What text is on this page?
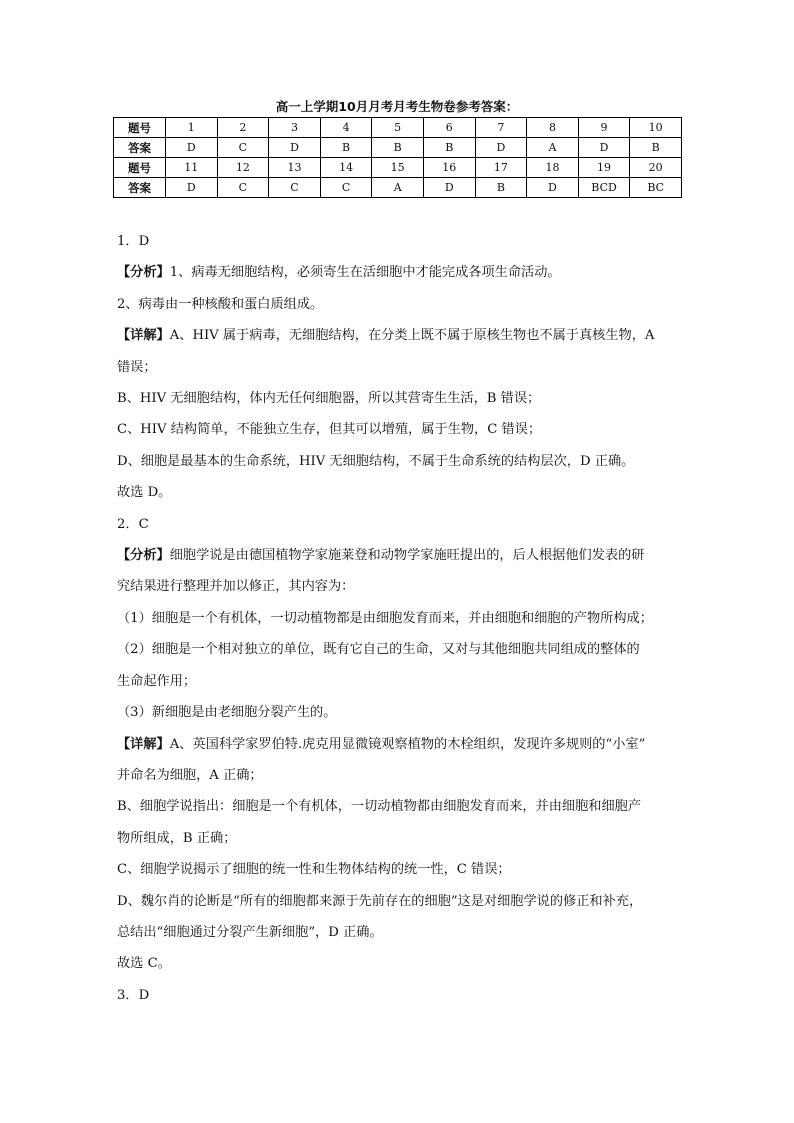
高一上学期10月月考月考生物卷参考答案：
题号	1	2	3	4	5	6	7	8	9	10
答案	D	C	D	B	B	B	D	A	D	B
题号	11	12	13	14	15	16	17	18	19	20
答案	D	C	C	C	A	D	B	D	BCD	BC

1．D

【分析】1、病毒无细胞结构，必须寄生在活细胞中才能完成各项生命活动。

2、病毒由一种核酸和蛋白质组成。

【详解】A、HIV 属于病毒，无细胞结构，在分类上既不属于原核生物也不属于真核生物，A

错误；

B、HIV 无细胞结构，体内无任何细胞器，所以其营寄生生活，B 错误；

C、HIV 结构简单，不能独立生存，但其可以增殖，属于生物，C 错误；

D、细胞是最基本的生命系统，HIV 无细胞结构，不属于生命系统的结构层次，D 正确。

故选 D。

2．C

【分析】细胞学说是由德国植物学家施莱登和动物学家施旺提出的，后人根据他们发表的研

究结果进行整理并加以修正，其内容为：

（1）细胞是一个有机体，一切动植物都是由细胞发育而来，并由细胞和细胞的产物所构成；

（2）细胞是一个相对独立的单位，既有它自己的生命，又对与其他细胞共同组成的整体的

生命起作用；

（3）新细胞是由老细胞分裂产生的。

【详解】A、英国科学家罗伯特.虎克用显微镜观察植物的木栓组织，发现许多规则的“小室”

并命名为细胞，A 正确；

B、细胞学说指出：细胞是一个有机体，一切动植物都由细胞发育而来，并由细胞和细胞产

物所组成，B 正确；

C、细胞学说揭示了细胞的统一性和生物体结构的统一性，C 错误；

D、魏尔肖的论断是“所有的细胞都来源于先前存在的细胞”这是对细胞学说的修正和补充，

总结出“细胞通过分裂产生新细胞”，D 正确。

故选 C。

3．D
